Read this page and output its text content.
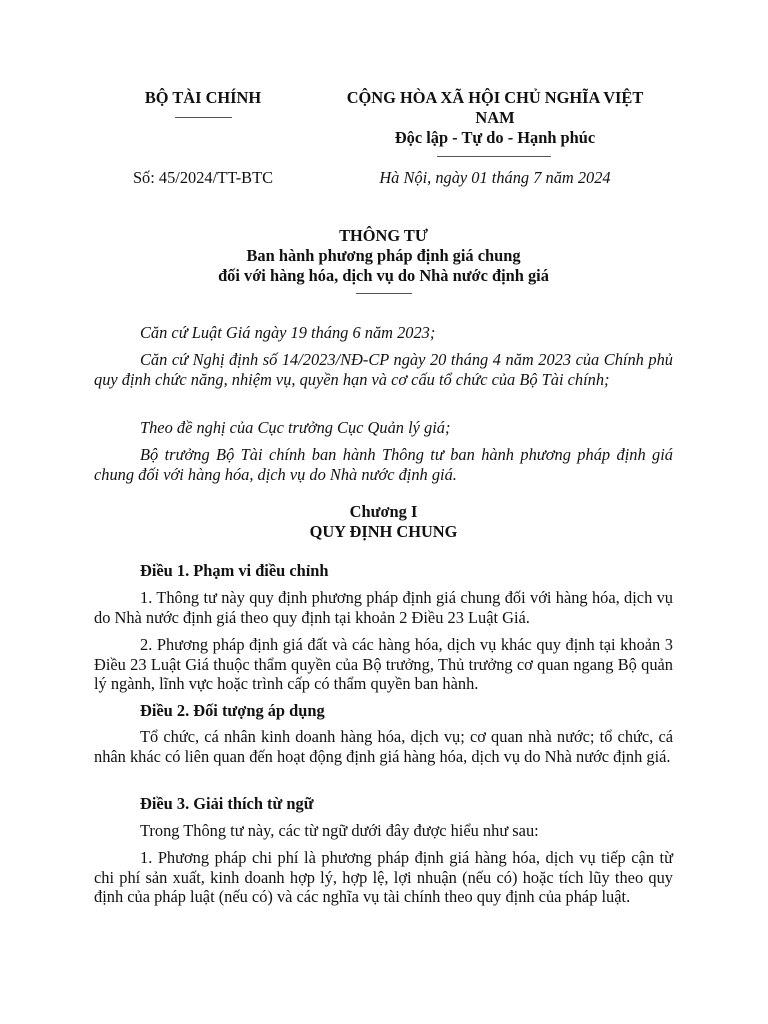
BỘ TÀI CHÍNH	CỘNG HÒA XÃ HỘI CHỦ NGHĨA VIỆT
NAM
Độc lập - Tự do - Hạnh phúc
Số: 45/2024/TT-BTC	Hà Nội, ngày 01 tháng 7 năm 2024
THÔNG TƯ
Ban hành phương pháp định giá chung
đối với hàng hóa, dịch vụ do Nhà nước định giá
Căn cứ Luật Giá ngày 19 tháng 6 năm 2023;
Căn cứ Nghị định số 14/2023/NĐ-CP ngày 20 tháng 4 năm 2023 của Chính phủ quy định chức năng, nhiệm vụ, quyền hạn và cơ cấu tổ chức của Bộ Tài chính;
Theo đề nghị của Cục trưởng Cục Quản lý giá;
Bộ trưởng Bộ Tài chính ban hành Thông tư ban hành phương pháp định giá chung đối với hàng hóa, dịch vụ do Nhà nước định giá.
Chương I
QUY ĐỊNH CHUNG
Điều 1. Phạm vi điều chỉnh
1. Thông tư này quy định phương pháp định giá chung đối với hàng hóa, dịch vụ do Nhà nước định giá theo quy định tại khoản 2 Điều 23 Luật Giá.
2. Phương pháp định giá đất và các hàng hóa, dịch vụ khác quy định tại khoản 3 Điều 23 Luật Giá thuộc thẩm quyền của Bộ trưởng, Thủ trưởng cơ quan ngang Bộ quản lý ngành, lĩnh vực hoặc trình cấp có thẩm quyền ban hành.
Điều 2. Đối tượng áp dụng
Tổ chức, cá nhân kinh doanh hàng hóa, dịch vụ; cơ quan nhà nước; tổ chức, cá nhân khác có liên quan đến hoạt động định giá hàng hóa, dịch vụ do Nhà nước định giá.
Điều 3. Giải thích từ ngữ
Trong Thông tư này, các từ ngữ dưới đây được hiểu như sau:
1. Phương pháp chi phí là phương pháp định giá hàng hóa, dịch vụ tiếp cận từ chi phí sản xuất, kinh doanh hợp lý, hợp lệ, lợi nhuận (nếu có) hoặc tích lũy theo quy định của pháp luật (nếu có) và các nghĩa vụ tài chính theo quy định của pháp luật.
